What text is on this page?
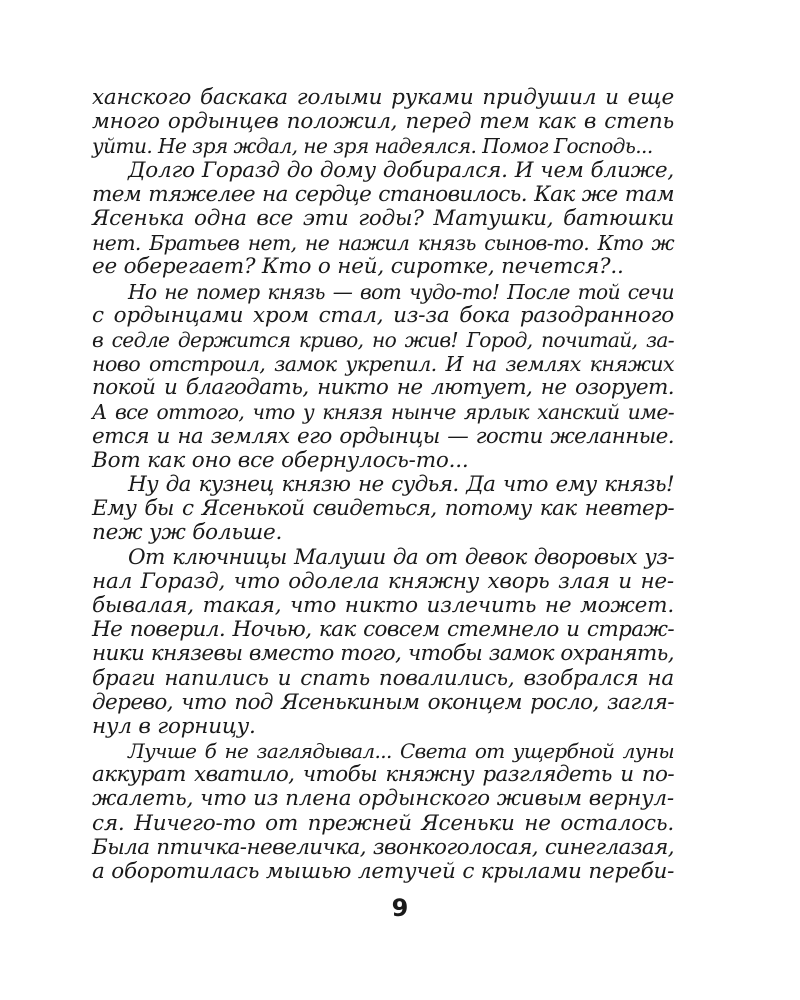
ханского баскака голыми руками придушил и еще
много ордынцев положил, перед тем как в степь
уйти. Не зря ждал, не зря надеялся. Помог Господь...
Долго Горазд до дому добирался. И чем ближе,
тем тяжелее на сердце становилось. Как же там
Ясенька одна все эти годы? Матушки, батюшки
нет. Братьев нет, не нажил князь сынов-то. Кто ж
ее оберегает? Кто о ней, сиротке, печется?..
Но не помер князь — вот чудо-то! После той сечи
с ордынцами хром стал, из-за бока разодранного
в седле держится криво, но жив! Город, почитай, за-
ново отстроил, замок укрепил. И на землях княжих
покой и благодать, никто не лютует, не озорует.
А все оттого, что у князя нынче ярлык ханский име-
ется и на землях его ордынцы — гости желанные.
Вот как оно все обернулось-то...
Ну да кузнец князю не судья. Да что ему князь!
Ему бы с Ясенькой свидеться, потому как невтер-
пеж уж больше.
От ключницы Малуши да от девок дворовых уз-
нал Горазд, что одолела княжну хворь злая и не-
бывалая, такая, что никто излечить не может.
Не поверил. Ночью, как совсем стемнело и страж-
ники князевы вместо того, чтобы замок охранять,
браги напились и спать повалились, взобрался на
дерево, что под Ясенькиным оконцем росло, загля-
нул в горницу.
Лучше б не заглядывал... Света от ущербной луны
аккурат хватило, чтобы княжну разглядеть и по-
жалеть, что из плена ордынского живым вернул-
ся. Ничего-то от прежней Ясеньки не осталось.
Была птичка-невеличка, звонкоголосая, синеглазая,
а оборотилась мышью летучей с крылами переби-
9
